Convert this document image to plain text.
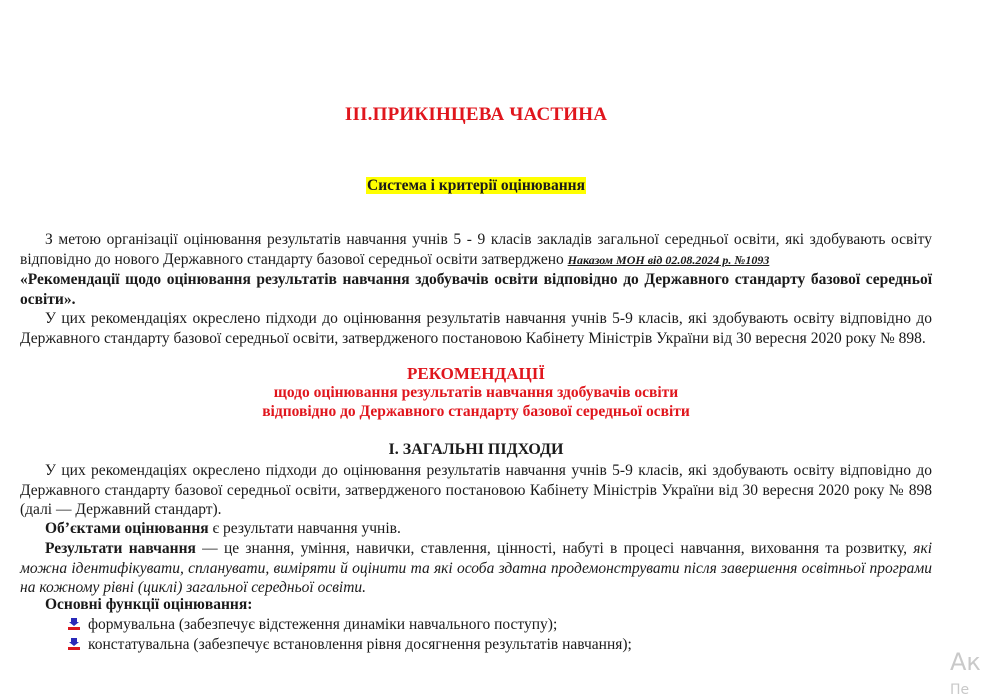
ІІІ.ПРИКІНЦЕВА ЧАСТИНА
Система і критерії оцінювання
З метою організації оцінювання результатів навчання учнів 5 - 9 класів закладів загальної середньої освіти, які здобувають освіту відповідно до нового Державного стандарту базової середньої освіти затверджено Наказом МОН від 02.08.2024 р. №1093
«Рекомендації щодо оцінювання результатів навчання здобувачів освіти відповідно до Державного стандарту базової середньої освіти».

У цих рекомендаціях окреслено підходи до оцінювання результатів навчання учнів 5-9 класів, які здобувають освіту відповідно до Державного стандарту базової середньої освіти, затвердженого постановою Кабінету Міністрів України від 30 вересня 2020 року № 898.
РЕКОМЕНДАЦІЇ
щодо оцінювання результатів навчання здобувачів освіти
відповідно до Державного стандарту базової середньої освіти
І. ЗАГАЛЬНІ ПІДХОДИ
У цих рекомендаціях окреслено підходи до оцінювання результатів навчання учнів 5-9 класів, які здобувають освіту відповідно до Державного стандарту базової середньої освіти, затвердженого постановою Кабінету Міністрів України від 30 вересня 2020 року № 898 (далі — Державний стандарт).
Об’єктами оцінювання є результати навчання учнів.
Результати навчання — це знання, уміння, навички, ставлення, цінності, набуті в процесі навчання, виховання та розвитку, які можна ідентифікувати, спланувати, виміряти й оцінити та які особа здатна продемонструвати після завершення освітньої програми на кожному рівні (циклі) загальної середньої освіти.
Основні функції оцінювання:
формувальна (забезпечує відстеження динаміки навчального поступу);
констатувальна (забезпечує встановлення рівня досягнення результатів навчання);
Ак
Пе
